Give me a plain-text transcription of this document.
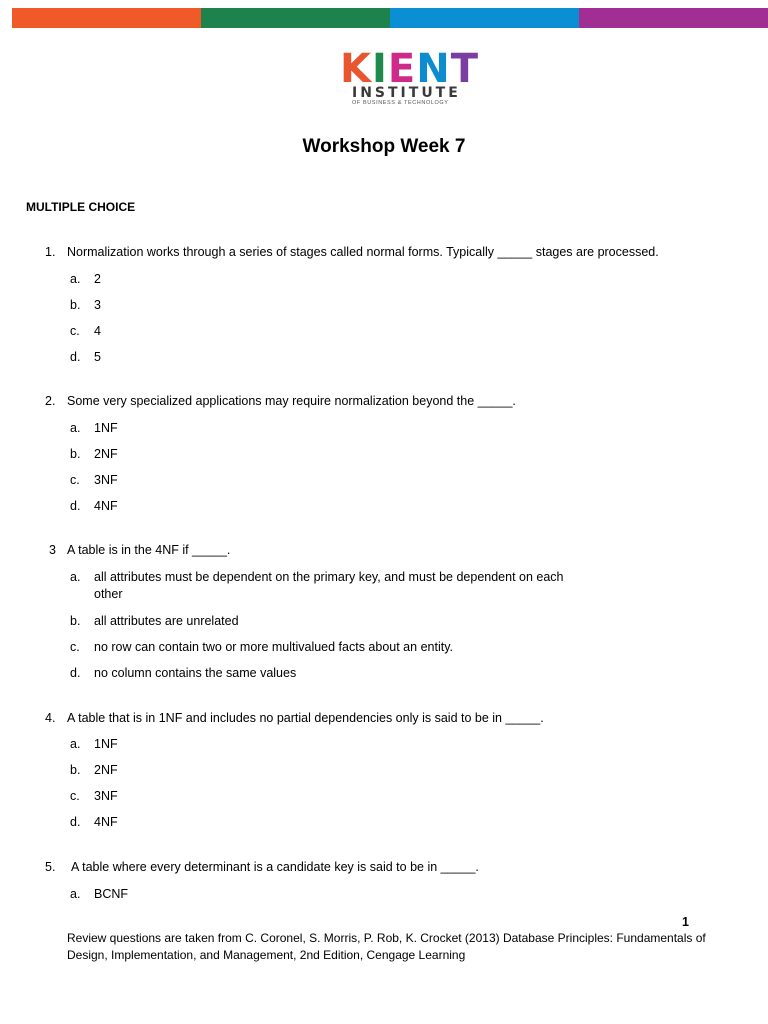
KIENT
INSTITUTE
OF BUSINESS & TECHNOLOGY
Workshop Week 7
MULTIPLE CHOICE
1. Normalization works through a series of stages called normal forms. Typically _____ stages are processed.
a. 2
b. 3
c. 4
d. 5
2. Some very specialized applications may require normalization beyond the _____.
a. 1NF
b. 2NF
c. 3NF
d. 4NF
3 A table is in the 4NF if _____.
a. all attributes must be dependent on the primary key, and must be dependent on each other
b. all attributes are unrelated
c. no row can contain two or more multivalued facts about an entity.
d. no column contains the same values
4. A table that is in 1NF and includes no partial dependencies only is said to be in _____.
a. 1NF
b. 2NF
c. 3NF
d. 4NF
5. A table where every determinant is a candidate key is said to be in _____.
a. BCNF
1
Review questions are taken from C. Coronel, S. Morris, P. Rob, K. Crocket (2013) Database Principles: Fundamentals of Design, Implementation, and Management, 2nd Edition, Cengage Learning
